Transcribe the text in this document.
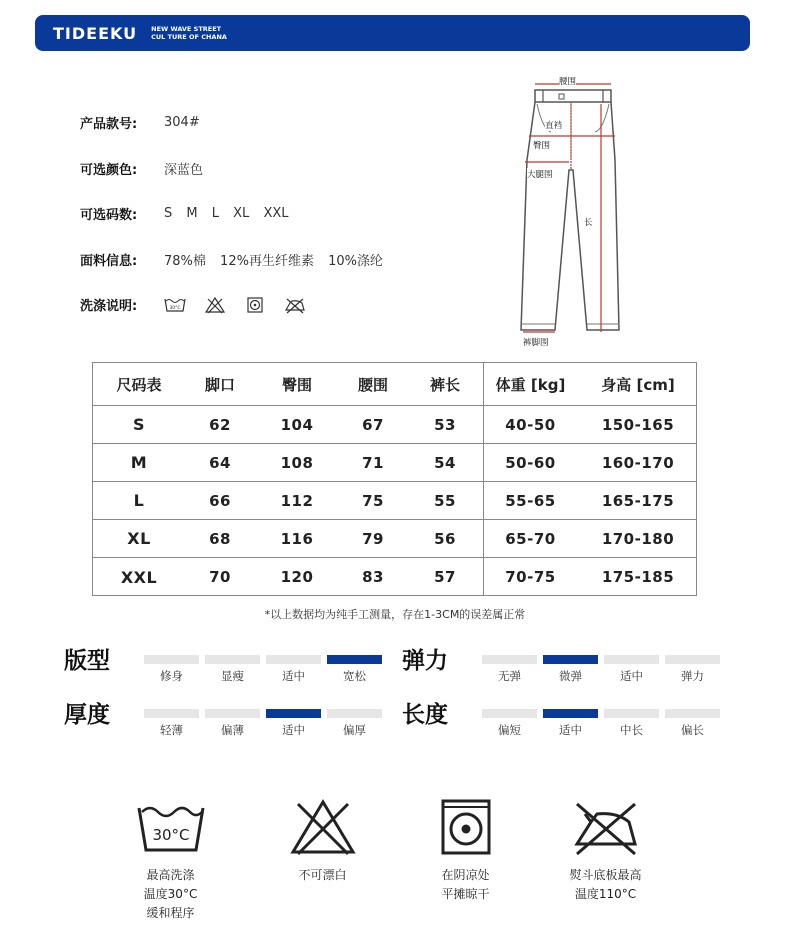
TIDEEKU NEW WAVE STREET
CUL TURE OF CHANA
产品款号:	304#
可选颜色:	深蓝色
可选码数:	S M L XL XXL
面料信息:	78%棉 12%再生纤维素 10%涤纶
洗涤说明:	30°C
腰围
直裆
臀围
大腿围
长
裤脚围
尺码表	脚口	臀围	腰围	裤长	体重 [kg]	身高 [cm]
S	62	104	67	53	40-50	150-165
M	64	108	71	54	50-60	160-170
L	66	112	75	55	55-65	165-175
XL	68	116	79	56	65-70	170-180
XXL	70	120	83	57	70-75	175-185
*以上数据均为纯手工测量，存在1-3CM的误差属正常
版型
修身	显瘦	适中	宽松
弹力
无弹	微弹	适中	弹力
厚度
轻薄	偏薄	适中	偏厚
长度
偏短	适中	中长	偏长
30°C
最高洗涤
温度30°C
缓和程序
不可漂白	在阴凉处
平摊晾干
熨斗底板最高
温度110°C
